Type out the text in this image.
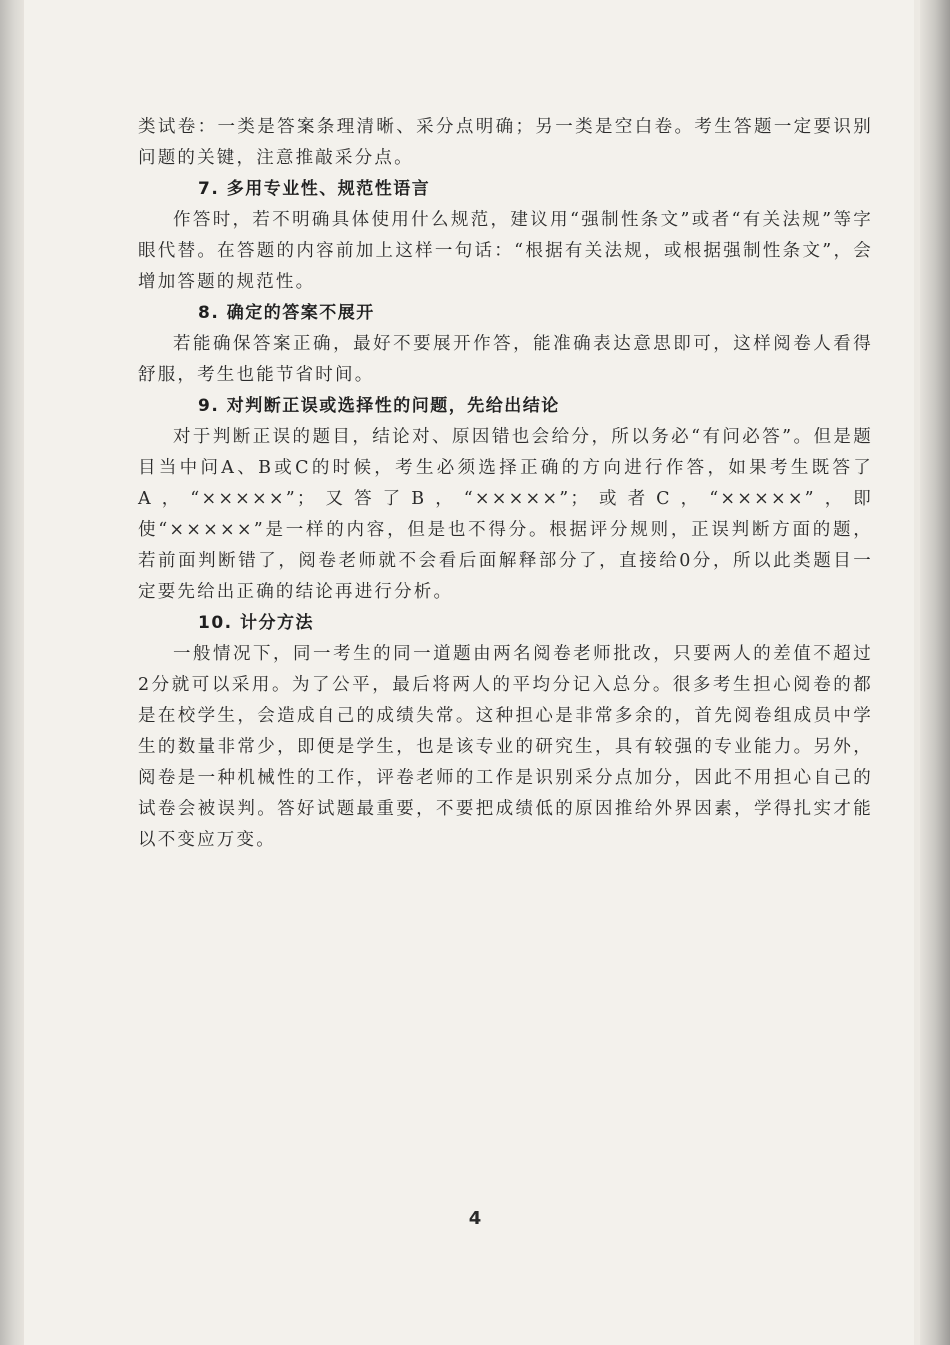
类试卷：一类是答案条理清晰、采分点明确；另一类是空白卷。考生答题一定要识别问题的关键，注意推敲采分点。

7. 多用专业性、规范性语言

作答时，若不明确具体使用什么规范，建议用“强制性条文”或者“有关法规”等字眼代替。在答题的内容前加上这样一句话：“根据有关法规，或根据强制性条文”，会增加答题的规范性。

8. 确定的答案不展开

若能确保答案正确，最好不要展开作答，能准确表达意思即可，这样阅卷人看得舒服，考生也能节省时间。

9. 对判断正误或选择性的问题，先给出结论

对于判断正误的题目，结论对、原因错也会给分，所以务必“有问必答”。但是题目当中问A、B或C的时候，考生必须选择正确的方向进行作答，如果考生既答了A，“×××××”；又答了B，“×××××”；或者C，“×××××”，即使“×××××”是一样的内容，但是也不得分。根据评分规则，正误判断方面的题，若前面判断错了，阅卷老师就不会看后面解释部分了，直接给0分，所以此类题目一定要先给出正确的结论再进行分析。

10. 计分方法

一般情况下，同一考生的同一道题由两名阅卷老师批改，只要两人的差值不超过2分就可以采用。为了公平，最后将两人的平均分记入总分。很多考生担心阅卷的都是在校学生，会造成自己的成绩失常。这种担心是非常多余的，首先阅卷组成员中学生的数量非常少，即便是学生，也是该专业的研究生，具有较强的专业能力。另外，阅卷是一种机械性的工作，评卷老师的工作是识别采分点加分，因此不用担心自己的试卷会被误判。答好试题最重要，不要把成绩低的原因推给外界因素，学得扎实才能以不变应万变。

4
